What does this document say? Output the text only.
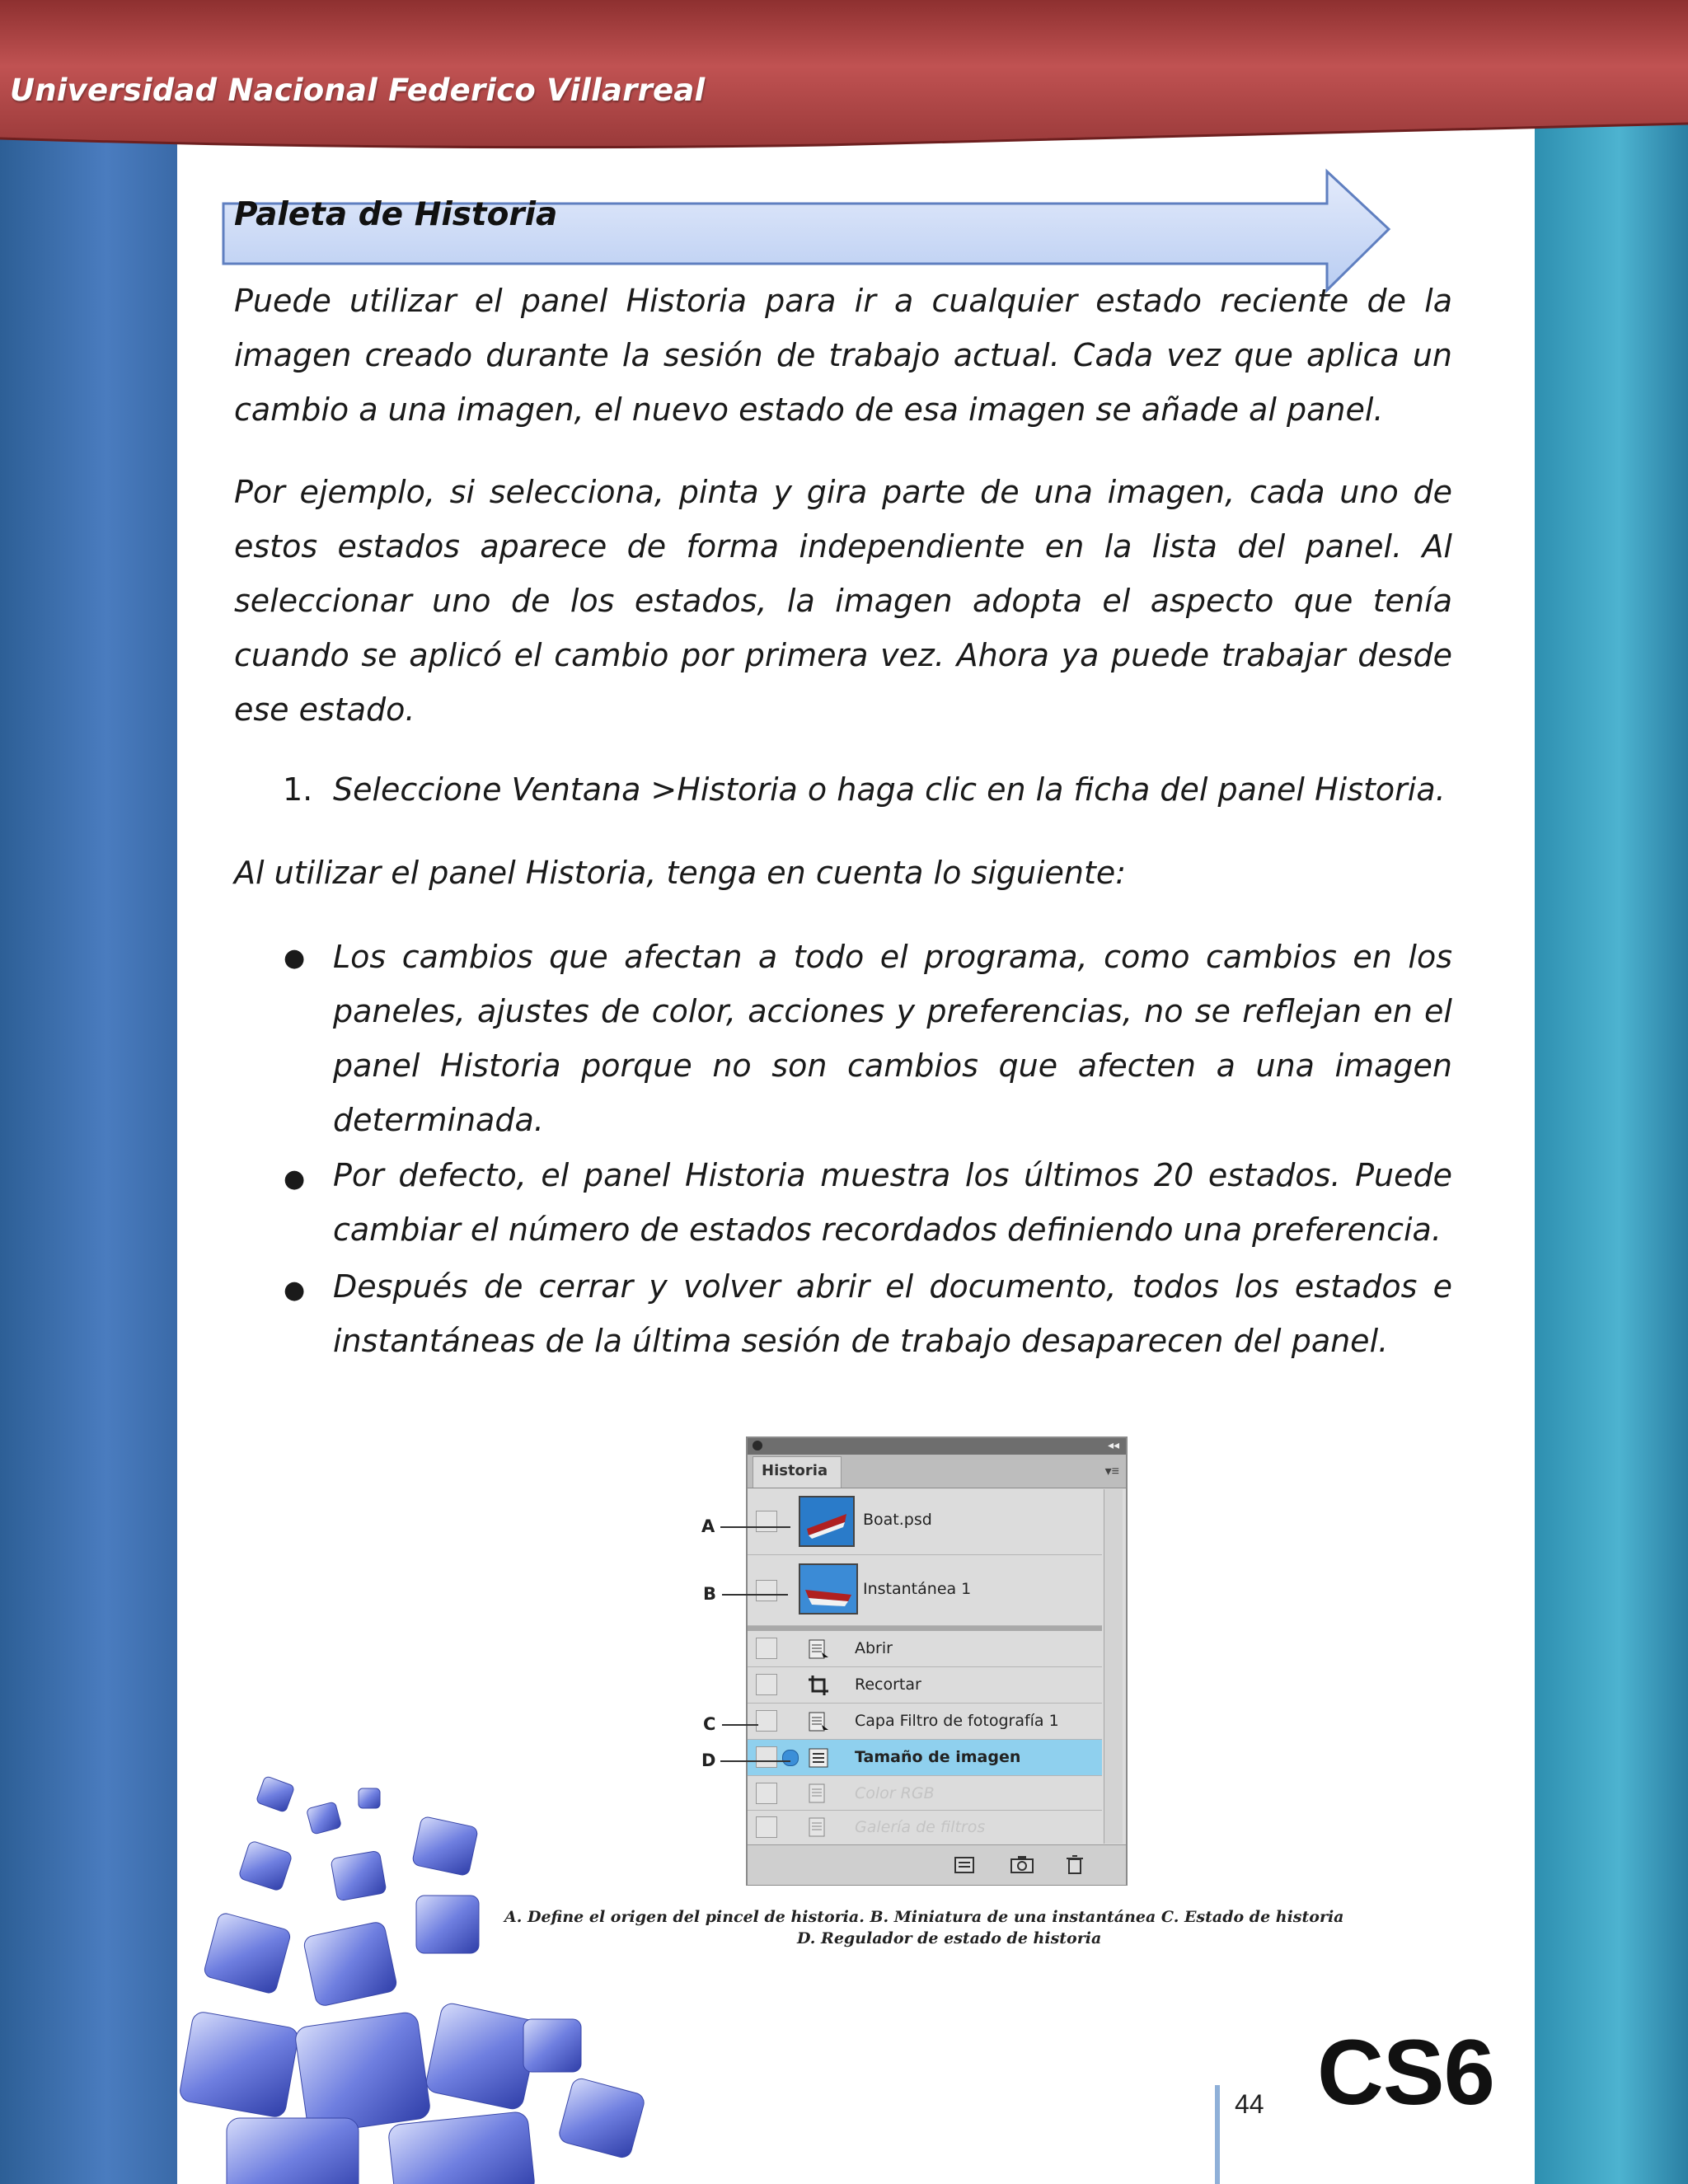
Universidad Nacional Federico Villarreal
Paleta de Historia
Puede utilizar el panel Historia para ir a cualquier estado reciente de la imagen creado durante la sesión de trabajo actual. Cada vez que aplica un cambio a una imagen, el nuevo estado de esa imagen se añade al panel.
Por ejemplo, si selecciona, pinta y gira parte de una imagen, cada uno de estos estados aparece de forma independiente en la lista del panel. Al seleccionar uno de los estados, la imagen adopta el aspecto que tenía cuando se aplicó el cambio por primera vez. Ahora ya puede trabajar desde ese estado.
1. Seleccione Ventana >Historia o haga clic en la ficha del panel Historia.
Al utilizar el panel Historia, tenga en cuenta lo siguiente:
● Los cambios que afectan a todo el programa, como cambios en los paneles, ajustes de color, acciones y preferencias, no se reflejan en el panel Historia porque no son cambios que afecten a una imagen determinada.
● Por defecto, el panel Historia muestra los últimos 20 estados. Puede cambiar el número de estados recordados definiendo una preferencia.
● Después de cerrar y volver abrir el documento, todos los estados e instantáneas de la última sesión de trabajo desaparecen del panel.
◂◂
Historia	▾≡
Boat.psd
Instantánea 1
Abrir
Recortar
Capa Filtro de fotografía 1
Tamaño de imagen
Color RGB
Galería de filtros
A
B
C
D
A. Define el origen del pincel de historia. B. Miniatura de una instantánea C. Estado de historia
D. Regulador de estado de historia
44 CS6
